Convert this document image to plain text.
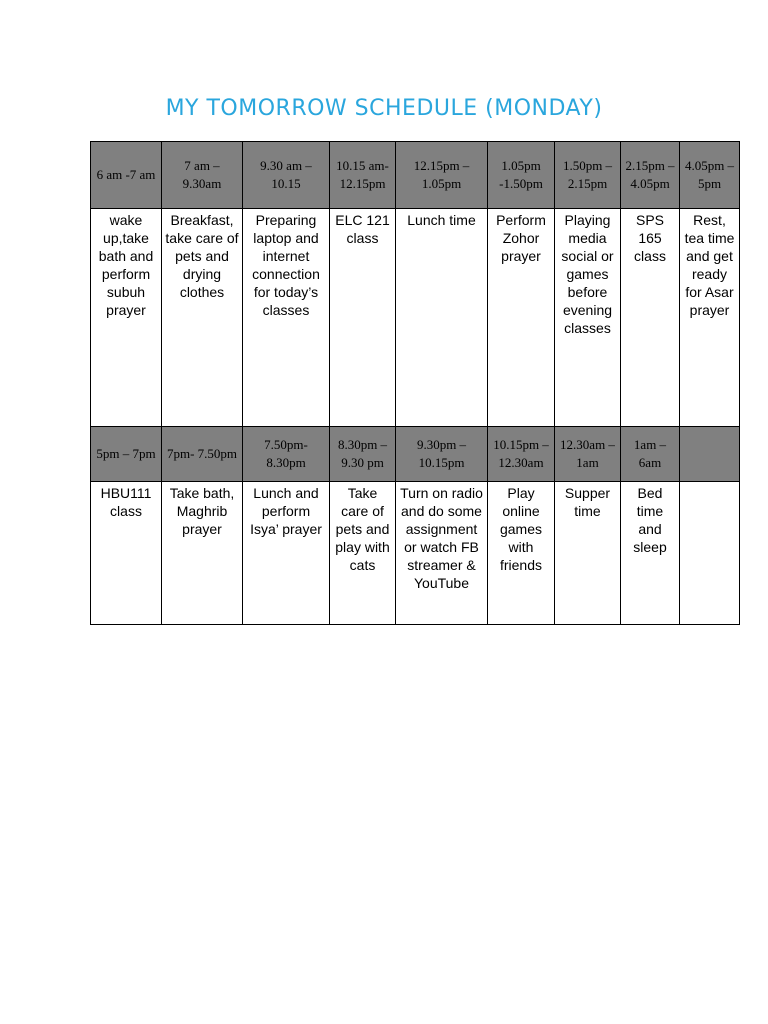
MY TOMORROW SCHEDULE (MONDAY)
6 am -7 am	7 am – 9.30am	9.30 am – 10.15	10.15 am- 12.15pm	12.15pm – 1.05pm	1.05pm -1.50pm	1.50pm – 2.15pm	2.15pm – 4.05pm	4.05pm – 5pm
wake up,take bath and perform subuh prayer	Breakfast, take care of pets and drying clothes	Preparing laptop and internet connection for today’s classes	ELC 121 class	Lunch time	Perform Zohor prayer	Playing media social or games before evening classes	SPS 165 class	Rest, tea time and get ready for Asar prayer
5pm – 7pm	7pm- 7.50pm	7.50pm- 8.30pm	8.30pm – 9.30 pm	9.30pm – 10.15pm	10.15pm – 12.30am	12.30am – 1am	1am – 6am	
HBU111 class	Take bath, Maghrib prayer	Lunch and perform Isya’ prayer	Take care of pets and play with cats	Turn on radio and do some assignment or watch FB streamer & YouTube	Play online games with friends	Supper time	Bed time and sleep	
